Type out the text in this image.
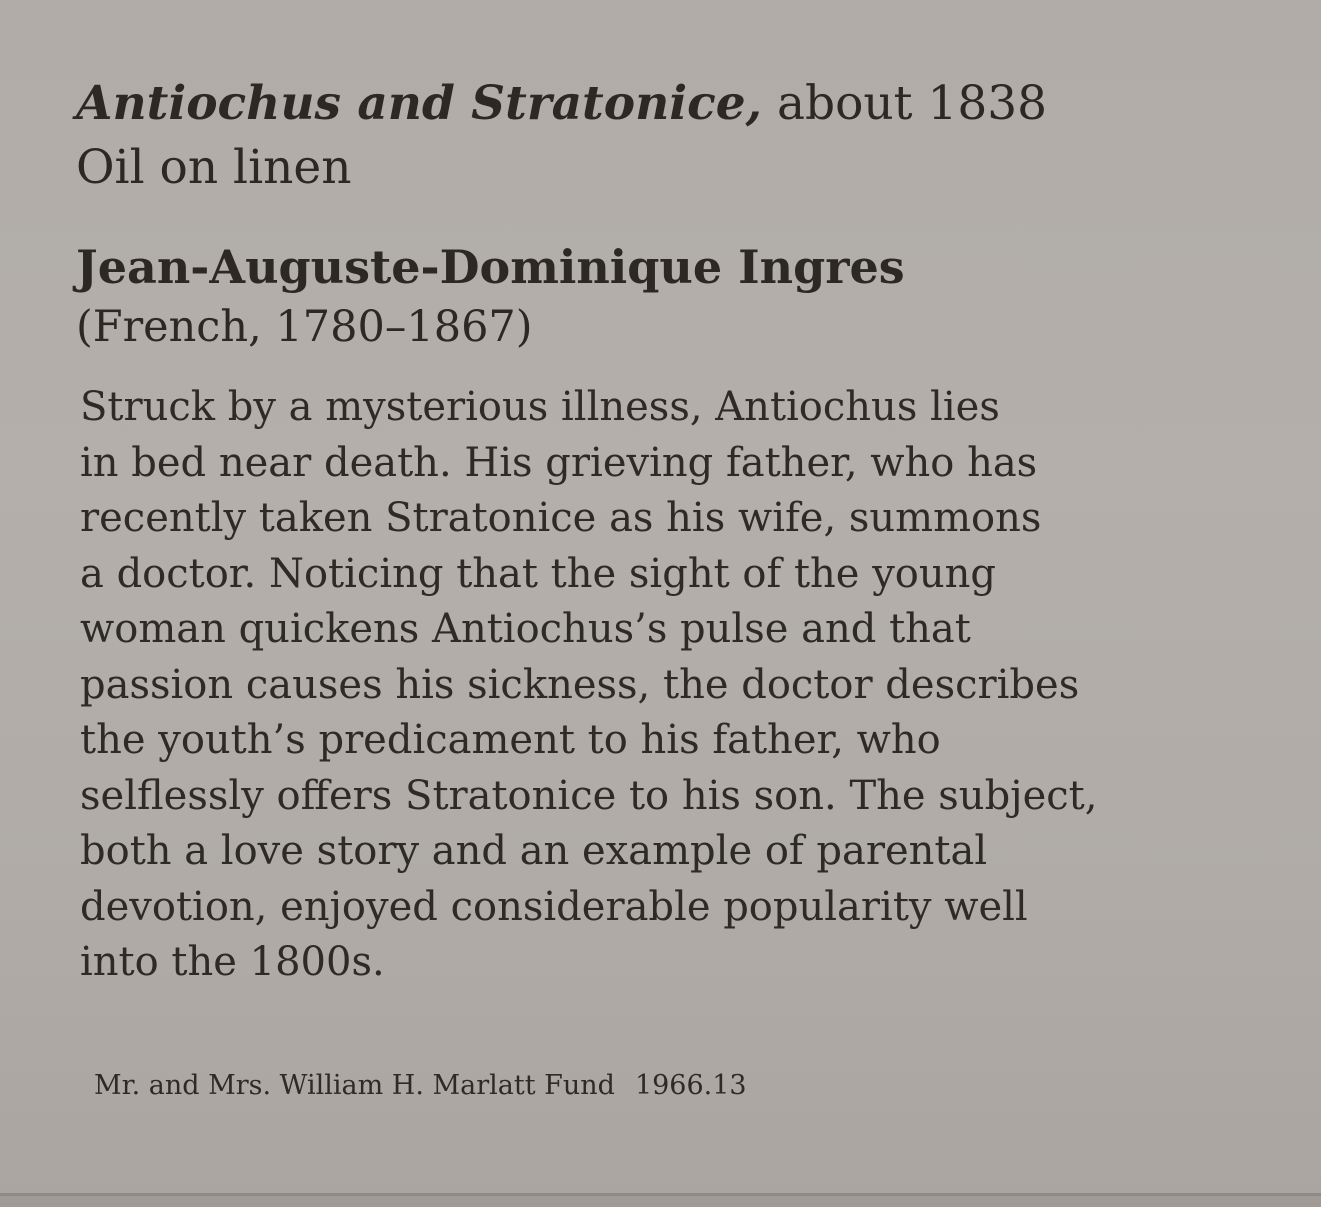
Antiochus and Stratonice, about 1838
Oil on linen
Jean-Auguste-Dominique Ingres
(French, 1780–1867)
Struck by a mysterious illness, Antiochus lies
in bed near death. His grieving father, who has
recently taken Stratonice as his wife, summons
a doctor. Noticing that the sight of the young
woman quickens Antiochus’s pulse and that
passion causes his sickness, the doctor describes
the youth’s predicament to his father, who
selflessly offers Stratonice to his son. The subject,
both a love story and an example of parental
devotion, enjoyed considerable popularity well
into the 1800s.
Mr. and Mrs. William H. Marlatt Fund 1966.13
